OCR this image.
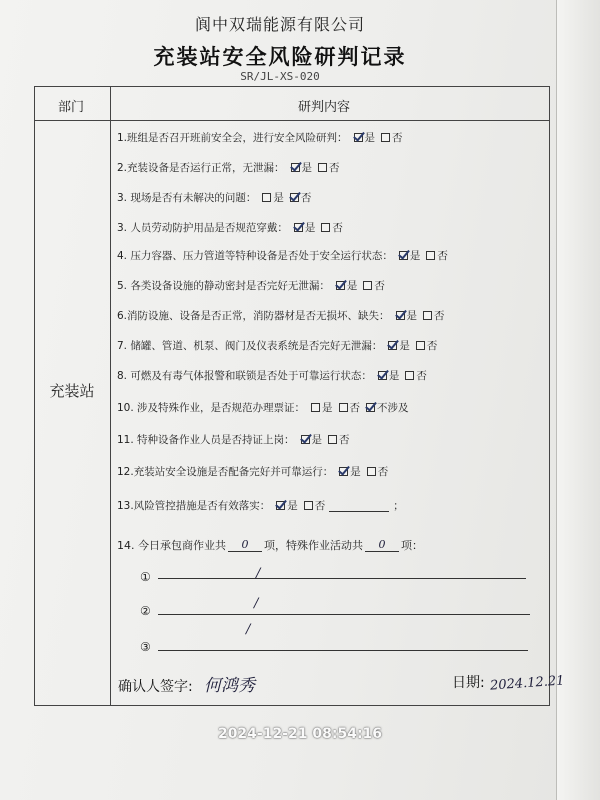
阆中双瑞能源有限公司
充装站安全风险研判记录
SR/JL-XS-020
部门	研判内容
充装站
1.班组是否召开班前安全会，进行安全风险研判： 是 否
2.充装设备是否运行正常，无泄漏： 是 否
3. 现场是否有未解决的问题： 是 否
3. 人员劳动防护用品是否规范穿戴： 是 否
4. 压力容器、压力管道等特种设备是否处于安全运行状态： 是 否
5. 各类设备设施的静动密封是否完好无泄漏： 是 否
6.消防设施、设备是否正常，消防器材是否无损坏、缺失： 是 否
7. 储罐、管道、机泵、阀门及仪表系统是否完好无泄漏： 是 否
8. 可燃及有毒气体报警和联锁是否处于可靠运行状态： 是 否
10. 涉及特殊作业，是否规范办理票证： 是 否 不涉及
11. 特种设备作业人员是否持证上岗： 是 否
12.充装站安全设施是否配备完好并可靠运行： 是 否
13.风险管控措施是否有效落实： 是 否	；
14. 今日承包商作业共	0	项，特殊作业活动共	0	项：
①	/
②	/
③
/
确认人签字: 何鸿秀	日期: 2024.12.21
2024-12-21 08:54:16
